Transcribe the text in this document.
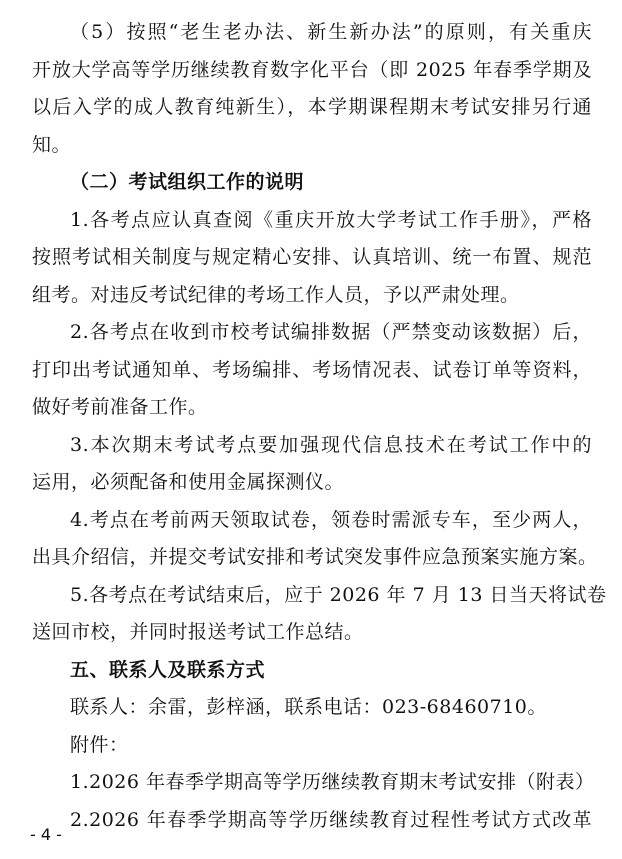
（5）按照“老生老办法、新生新办法”的原则，有关重庆
开放大学高等学历继续教育数字化平台（即 2025 年春季学期及
以后入学的成人教育纯新生），本学期课程期末考试安排另行通
知。
（二）考试组织工作的说明
1.各考点应认真查阅《重庆开放大学考试工作手册》，严格
按照考试相关制度与规定精心安排、认真培训、统一布置、规范
组考。对违反考试纪律的考场工作人员，予以严肃处理。
2.各考点在收到市校考试编排数据（严禁变动该数据）后，
打印出考试通知单、考场编排、考场情况表、试卷订单等资料，
做好考前准备工作。
3.本次期末考试考点要加强现代信息技术在考试工作中的
运用，必须配备和使用金属探测仪。
4.考点在考前两天领取试卷，领卷时需派专车，至少两人，
出具介绍信，并提交考试安排和考试突发事件应急预案实施方案。
5.各考点在考试结束后，应于 2026 年 7 月 13 日当天将试卷
送回市校，并同时报送考试工作总结。
五、联系人及联系方式
联系人：余雷，彭梓涵，联系电话：023-68460710。
附件：
1.2026 年春季学期高等学历继续教育期末考试安排（附表）
2.2026 年春季学期高等学历继续教育过程性考试方式改革
- 4 -
